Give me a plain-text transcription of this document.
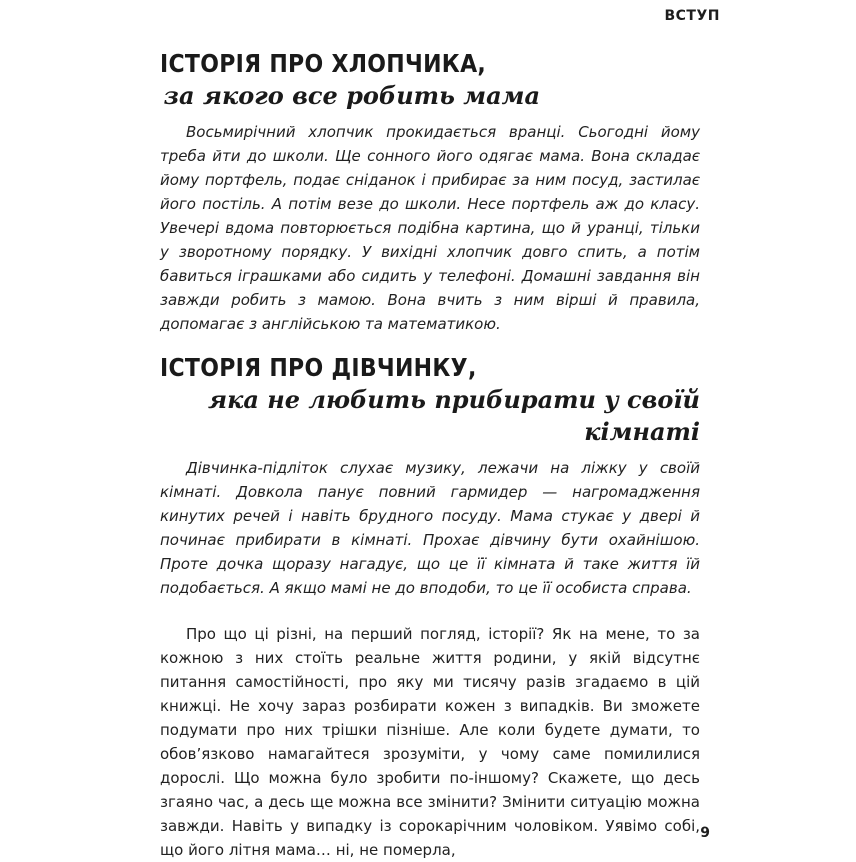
ВСТУП
ІСТОРІЯ ПРО ХЛОПЧИКА,
за якого все робить мама

Восьмирічний хлопчик прокидається вранці. Сьогодні йому треба йти до школи. Ще сонного його одягає мама. Вона складає йому портфель, подає сніданок і прибирає за ним посуд, застилає його постіль. А потім везе до школи. Несе портфель аж до класу. Увечері вдома повторюється подібна картина, що й уранці, тільки у зворотному порядку. У вихідні хлопчик довго спить, а потім бавиться іграшками або сидить у телефоні. Домашні завдання він завжди робить з мамою. Вона вчить з ним вірші й правила, допомагає з англійською та математикою.

ІСТОРІЯ ПРО ДІВЧИНКУ,
яка не любить прибирати у своїй кімнаті

Дівчинка-підліток слухає музику, лежачи на ліжку у своїй кімнаті. Довкола панує повний гармидер — нагромадження кинутих речей і навіть брудного посуду. Мама стукає у двері й починає прибирати в кімнаті. Прохає дівчину бути охайнішою. Проте дочка щоразу нагадує, що це її кімната й таке життя їй подобається. А якщо мамі не до вподоби, то це її особиста справа.

Про що ці різні, на перший погляд, історії? Як на мене, то за кожною з них стоїть реальне життя родини, у якій відсутнє питання самостійності, про яку ми тисячу разів згадаємо в цій книжці. Не хочу зараз розбирати кожен з випадків. Ви зможете подумати про них трішки пізніше. Але коли будете думати, то обов’язково намагайтеся зрозуміти, у чому саме помилилися дорослі. Що можна було зробити по-іншому? Скажете, що десь згаяно час, а десь ще можна все змінити? Змінити ситуацію можна завжди. Навіть у випадку із сорокарічним чоловіком. Уявімо собі, що його літня мама… ні, не померла,

9
